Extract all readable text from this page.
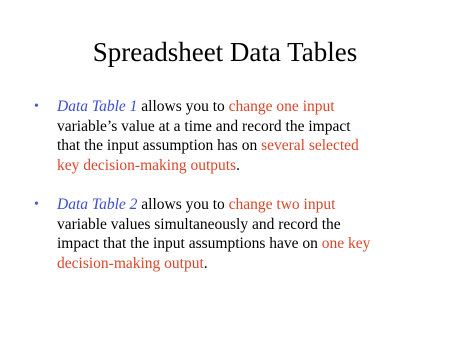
Spreadsheet Data Tables
• Data Table 1 allows you to change one input
variable’s value at a time and record the impact
that the input assumption has on several selected
key decision-making outputs.
• Data Table 2 allows you to change two input
variable values simultaneously and record the
impact that the input assumptions have on one key
decision-making output.
